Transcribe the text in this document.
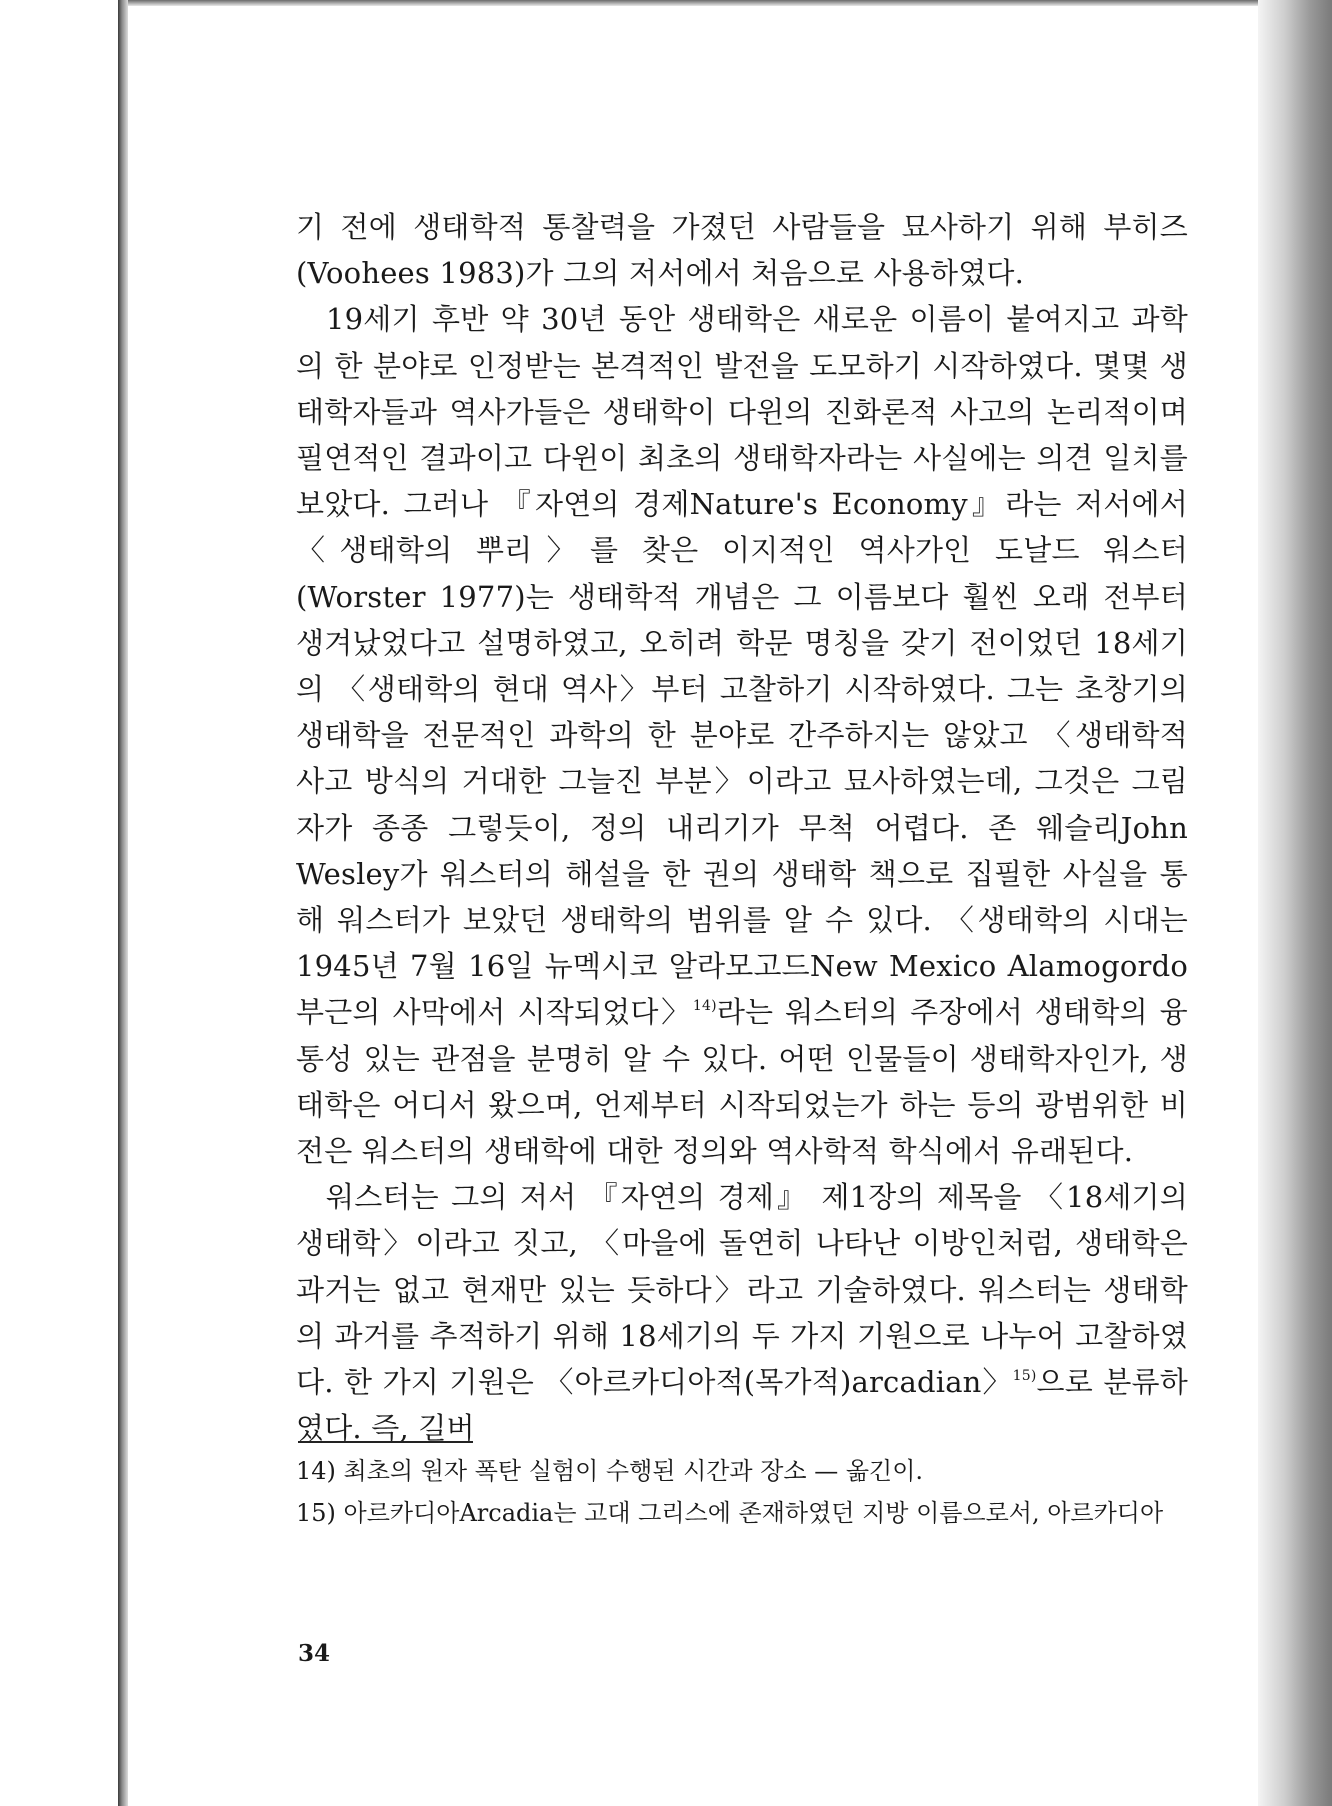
기 전에 생태학적 통찰력을 가졌던 사람들을 묘사하기 위해 부히즈(Voohees 1983)가 그의 저서에서 처음으로 사용하였다.

19세기 후반 약 30년 동안 생태학은 새로운 이름이 붙여지고 과학의 한 분야로 인정받는 본격적인 발전을 도모하기 시작하였다. 몇몇 생태학자들과 역사가들은 생태학이 다윈의 진화론적 사고의 논리적이며 필연적인 결과이고 다윈이 최초의 생태학자라는 사실에는 의견 일치를 보았다. 그러나 『자연의 경제Nature's Economy』라는 저서에서 〈생태학의 뿌리〉를 찾은 이지적인 역사가인 도날드 워스터(Worster 1977)는 생태학적 개념은 그 이름보다 훨씬 오래 전부터 생겨났었다고 설명하였고, 오히려 학문 명칭을 갖기 전이었던 18세기의 〈생태학의 현대 역사〉부터 고찰하기 시작하였다. 그는 초창기의 생태학을 전문적인 과학의 한 분야로 간주하지는 않았고 〈생태학적 사고 방식의 거대한 그늘진 부분〉이라고 묘사하였는데, 그것은 그림자가 종종 그렇듯이, 정의 내리기가 무척 어렵다. 존 웨슬리John Wesley가 워스터의 해설을 한 권의 생태학 책으로 집필한 사실을 통해 워스터가 보았던 생태학의 범위를 알 수 있다. 〈생태학의 시대는 1945년 7월 16일 뉴멕시코 알라모고드New Mexico Alamogordo 부근의 사막에서 시작되었다〉$^{14)}$라는 워스터의 주장에서 생태학의 융통성 있는 관점을 분명히 알 수 있다. 어떤 인물들이 생태학자인가, 생태학은 어디서 왔으며, 언제부터 시작되었는가 하는 등의 광범위한 비전은 워스터의 생태학에 대한 정의와 역사학적 학식에서 유래된다.

워스터는 그의 저서 『자연의 경제』 제1장의 제목을 〈18세기의 생태학〉이라고 짓고, 〈마을에 돌연히 나타난 이방인처럼, 생태학은 과거는 없고 현재만 있는 듯하다〉라고 기술하였다. 워스터는 생태학의 과거를 추적하기 위해 18세기의 두 가지 기원으로 나누어 고찰하였다. 한 가지 기원은 〈아르카디아적(목가적)arcadian〉$^{15)}$으로 분류하였다. 즉, 길버

14) 최초의 원자 폭탄 실험이 수행된 시간과 장소 — 옮긴이.

15) 아르카디아Arcadia는 고대 그리스에 존재하였던 지방 이름으로서, 아르카디아

34
